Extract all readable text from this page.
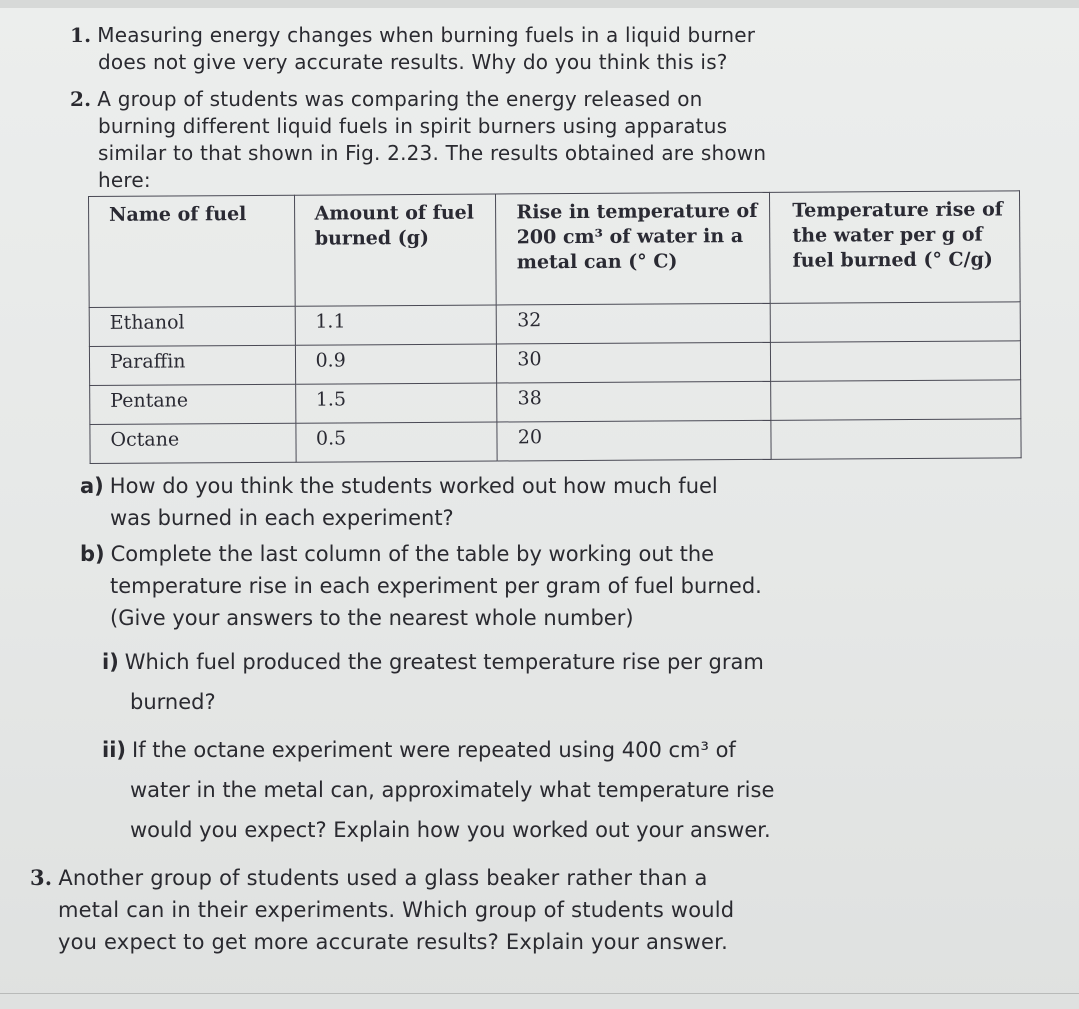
1. Measuring energy changes when burning fuels in a liquid burner
does not give very accurate results. Why do you think this is?
2. A group of students was comparing the energy released on
burning different liquid fuels in spirit burners using apparatus
similar to that shown in Fig. 2.23. The results obtained are shown
here:
Name of fuel	Amount of fuel burned (g)	Rise in temperature of 200 cm³ of water in a metal can (° C)	Temperature rise of the water per g of fuel burned (° C/g)
Ethanol	1.1	32	
Paraffin	0.9	30	
Pentane	1.5	38	
Octane	0.5	20	
a) How do you think the students worked out how much fuel
was burned in each experiment?
b) Complete the last column of the table by working out the
temperature rise in each experiment per gram of fuel burned.
(Give your answers to the nearest whole number)
i) Which fuel produced the greatest temperature rise per gram
burned?
ii) If the octane experiment were repeated using 400 cm³ of
water in the metal can, approximately what temperature rise
would you expect? Explain how you worked out your answer.
3. Another group of students used a glass beaker rather than a
metal can in their experiments. Which group of students would
you expect to get more accurate results? Explain your answer.
